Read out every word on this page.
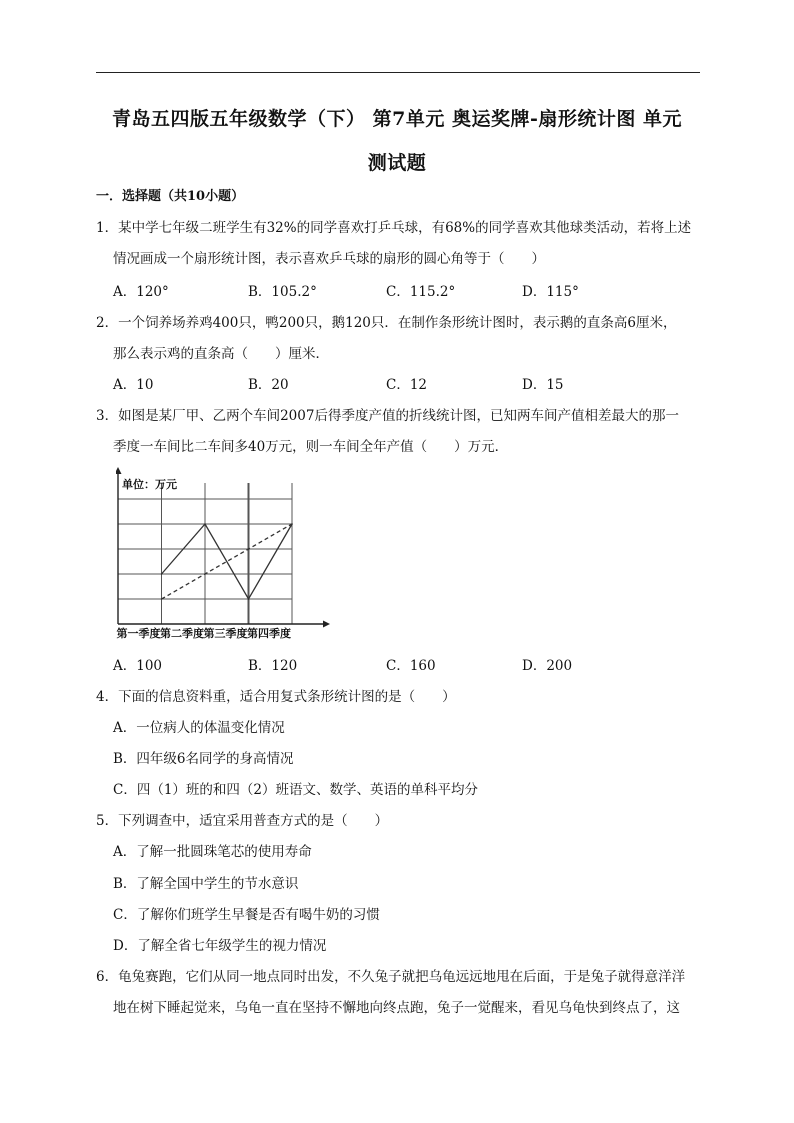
青岛五四版五年级数学（下） 第7单元 奥运奖牌-扇形统计图 单元
测试题
一．选择题（共10小题）
1．某中学七年级二班学生有32%的同学喜欢打乒乓球，有68%的同学喜欢其他球类活动，若将上述
情况画成一个扇形统计图，表示喜欢乒乓球的扇形的圆心角等于（　　）
A．120°	B．105.2°	C．115.2°	D．115°
2．一个饲养场养鸡400只，鸭200只，鹅120只．在制作条形统计图时，表示鹅的直条高6厘米，
那么表示鸡的直条高（　　）厘米．
A．10	B．20	C．12	D．15
3．如图是某厂甲、乙两个车间2007后得季度产值的折线统计图，已知两车间产值相差最大的那一
季度一车间比二车间多40万元，则一车间全年产值（　　）万元．
单位：万元
第一季度 第二季度 第三季度 第四季度
A．100	B．120	C．160	D．200
4．下面的信息资料重，适合用复式条形统计图的是（　　）
A．一位病人的体温变化情况
B．四年级6名同学的身高情况
C．四（1）班的和四（2）班语文、数学、英语的单科平均分
5．下列调查中，适宜采用普查方式的是（　　）
A．了解一批圆珠笔芯的使用寿命
B．了解全国中学生的节水意识
C．了解你们班学生早餐是否有喝牛奶的习惯
D．了解全省七年级学生的视力情况
6．龟兔赛跑，它们从同一地点同时出发，不久兔子就把乌龟远远地甩在后面，于是兔子就得意洋洋
地在树下睡起觉来，乌龟一直在坚持不懈地向终点跑，兔子一觉醒来，看见乌龟快到终点了，这
